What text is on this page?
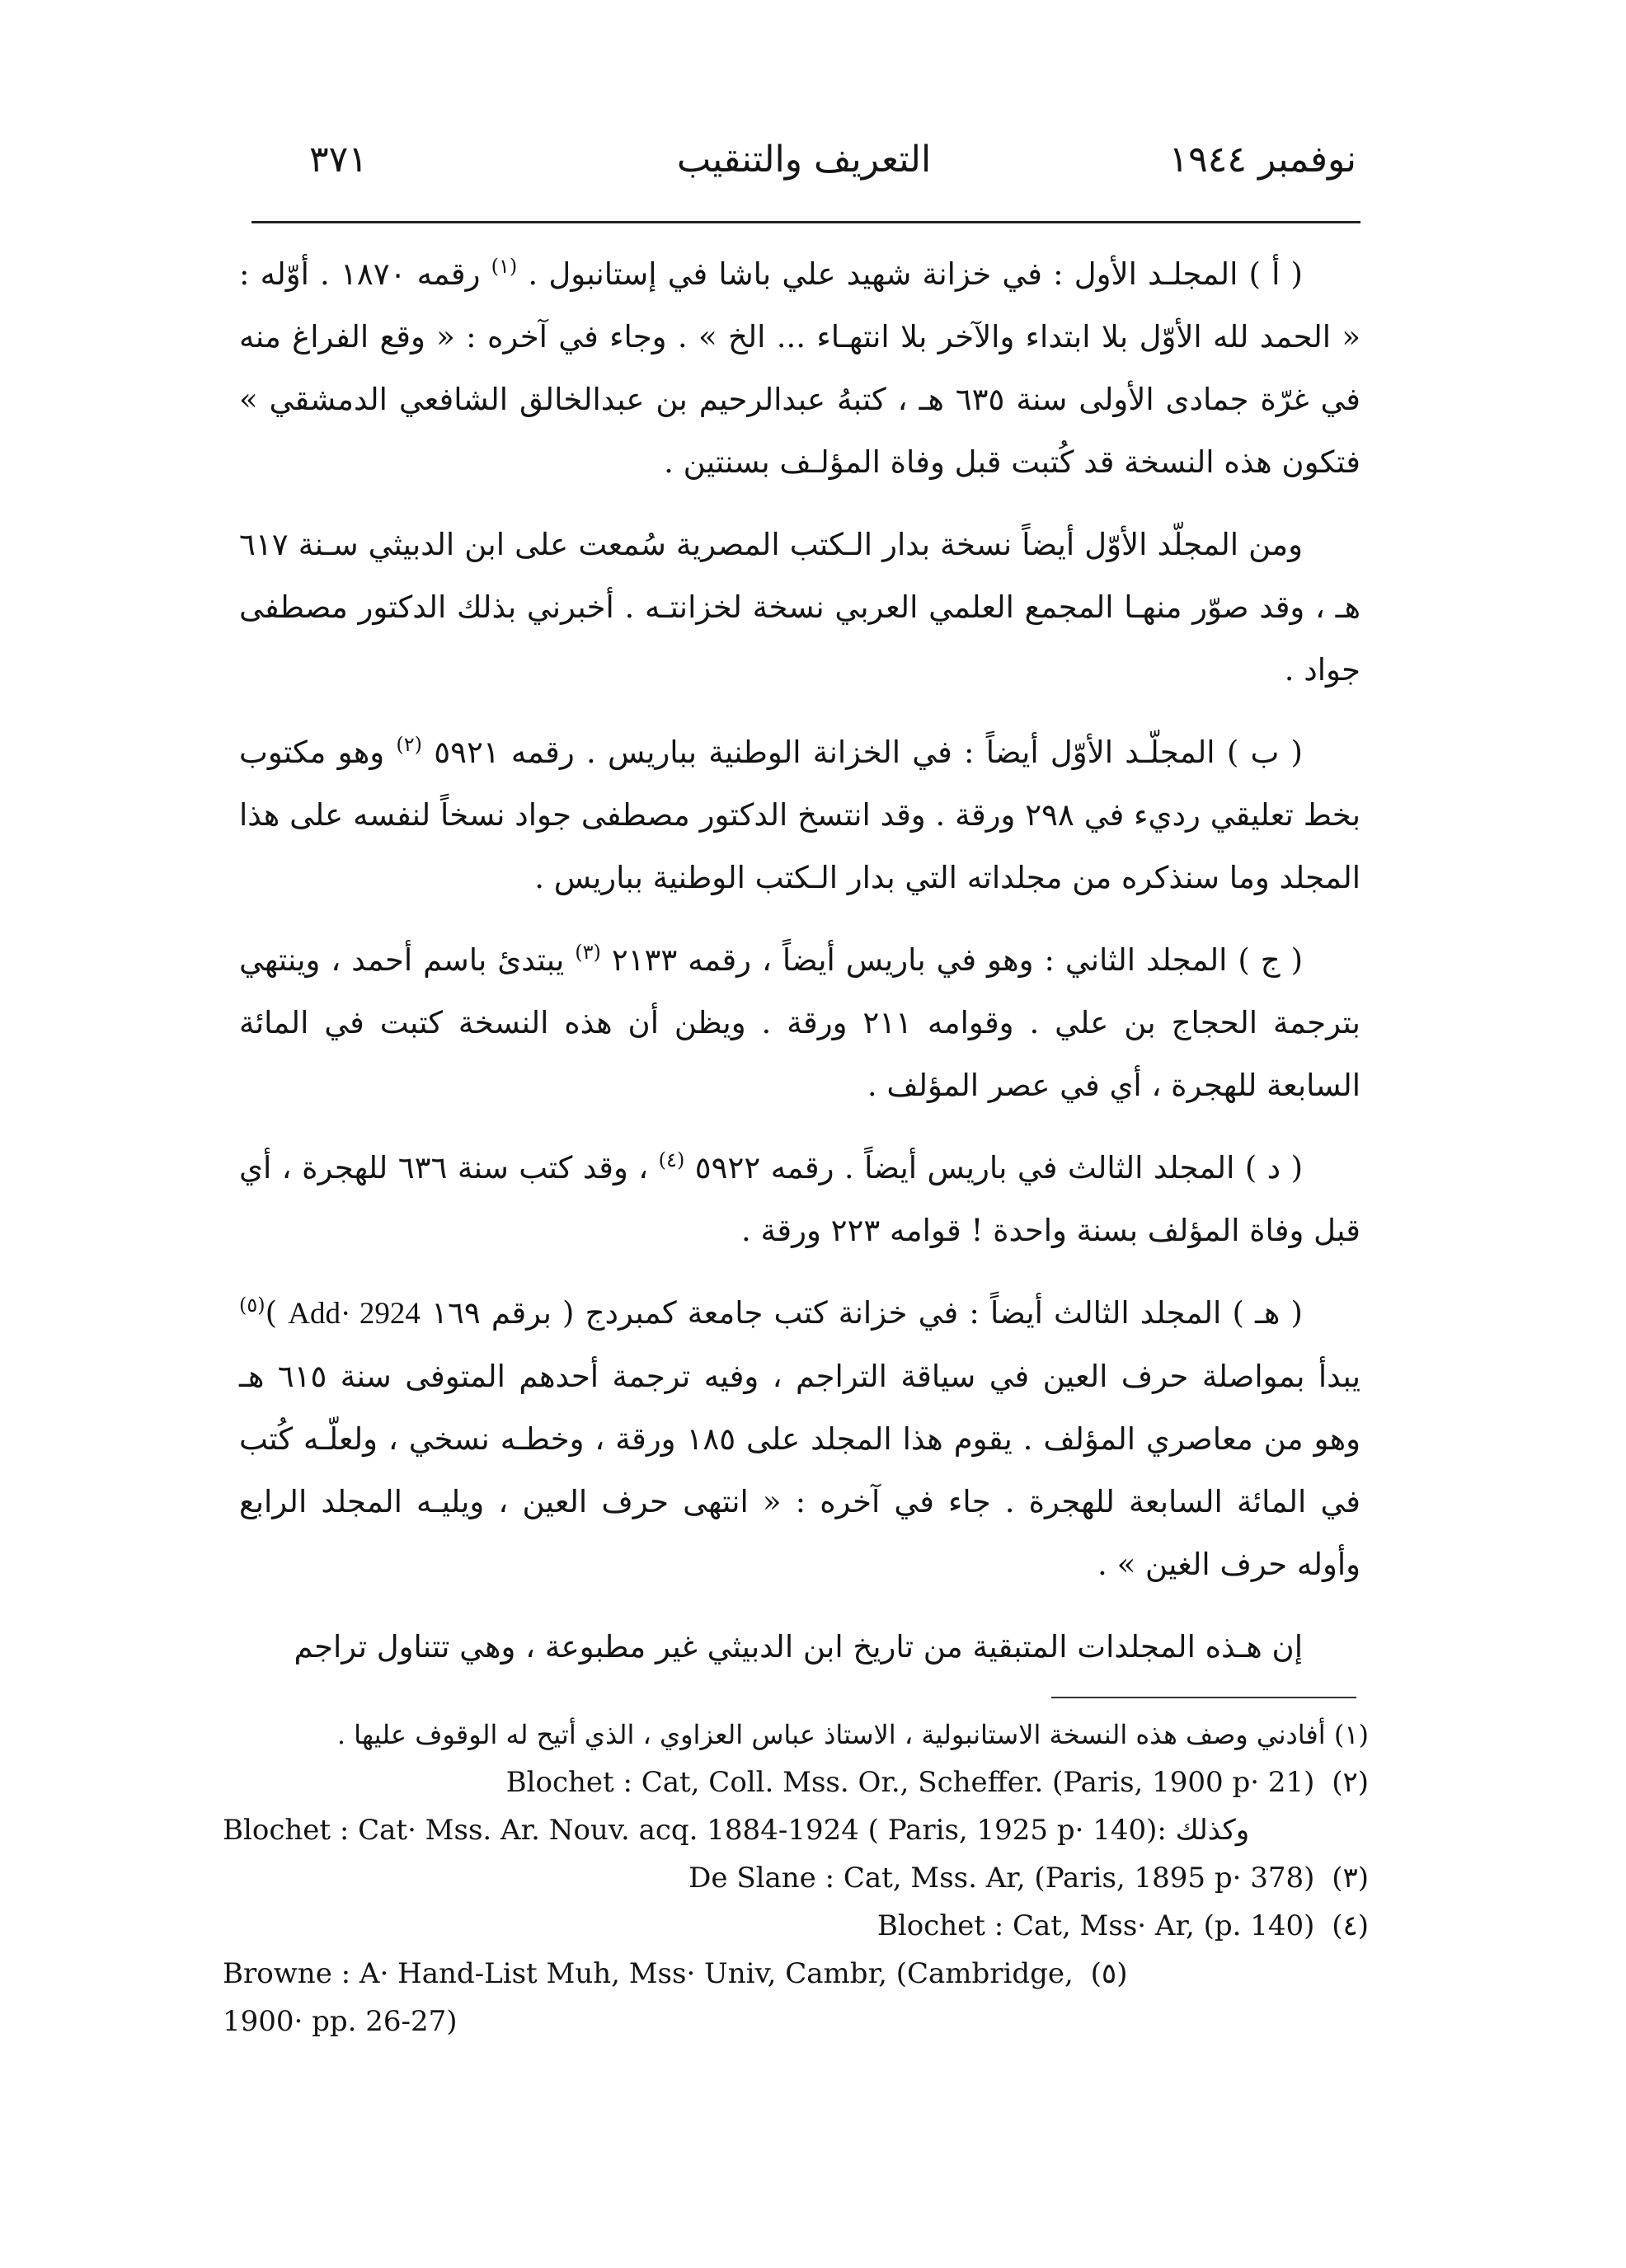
٣٧١	التعريف والتنقيب	نوفمبر ١٩٤٤

( أ ) المجلـد الأول : في خزانة شهيد علي باشا في إستانبول . $^{(١)}$ رقمه ١٨٧٠ . أوّله : « الحمد لله الأوّل بلا ابتداء والآخر بلا انتهـاء ... الخ » . وجاء في آخره : « وقع الفراغ منه في غرّة جمادى الأولى سنة ٦٣٥ هـ ، كتبهُ عبدالرحيم بن عبدالخالق الشافعي الدمشقي » فتكون هذه النسخة قد كُتبت قبل وفاة المؤلـف بسنتين .

ومن المجلّد الأوّل أيضاً نسخة بدار الـكتب المصرية سُمعت على ابن الدبيثي سـنة ٦١٧ هـ ، وقد صوّر منهـا المجمع العلمي العربي نسخة لخزانتـه . أخبرني بذلك الدكتور مصطفى جواد .

( ب ) المجلّـد الأوّل أيضاً : في الخزانة الوطنية بباريس . رقمه ٥٩٢١ $^{(٢)}$ وهو مكتوب بخط تعليقي رديء في ٢٩٨ ورقة . وقد انتسخ الدكتور مصطفى جواد نسخاً لنفسه على هذا المجلد وما سنذكره من مجلداته التي بدار الـكتب الوطنية بباريس .

( ج ) المجلد الثاني : وهو في باريس أيضاً ، رقمه ٢١٣٣ $^{(٣)}$ يبتدئ باسم أحمد ، وينتهي بترجمة الحجاج بن علي . وقوامه ٢١١ ورقة . ويظن أن هذه النسخة كتبت في المائة السابعة للهجرة ، أي في عصر المؤلف .

( د ) المجلد الثالث في باريس أيضاً . رقمه ٥٩٢٢ $^{(٤)}$ ، وقد كتب سنة ٦٣٦ للهجرة ، أي قبل وفاة المؤلف بسنة واحدة ! قوامه ٢٢٣ ورقة .

( هـ ) المجلد الثالث أيضاً : في خزانة كتب جامعة كمبردج ( برقم ١٦٩ Add· 2924 )$^{(٥)}$ يبدأ بمواصلة حرف العين في سياقة التراجم ، وفيه ترجمة أحدهم المتوفى سنة ٦١٥ هـ وهو من معاصري المؤلف . يقوم هذا المجلد على ١٨٥ ورقة ، وخطـه نسخي ، ولعلّـه كُتب في المائة السابعة للهجرة . جاء في آخره : « انتهى حرف العين ، ويليـه المجلد الرابع وأوله حرف الغين » .

إن هـذه المجلدات المتبقية من تاريخ ابن الدبيثي غير مطبوعة ، وهي تتناول تراجم

(١) أفادني وصف هذه النسخة الاستانبولية ، الاستاذ عباس العزاوي ، الذي أتيح له الوقوف عليها .
Blochet : Cat, Coll. Mss. Or., Scheffer. (Paris, 1900 p· 21) (٢)
Blochet : Cat· Mss. Ar. Nouv. acq. 1884-1924 ( Paris, 1925 p· 140)وكذلك :
De Slane : Cat, Mss. Ar, (Paris, 1895 p· 378) (٣)
Blochet : Cat, Mss· Ar, (p. 140) (٤)
Browne : A· Hand-List Muh, Mss· Univ, Cambr, (Cambridge, (٥)
1900· pp. 26-27)
